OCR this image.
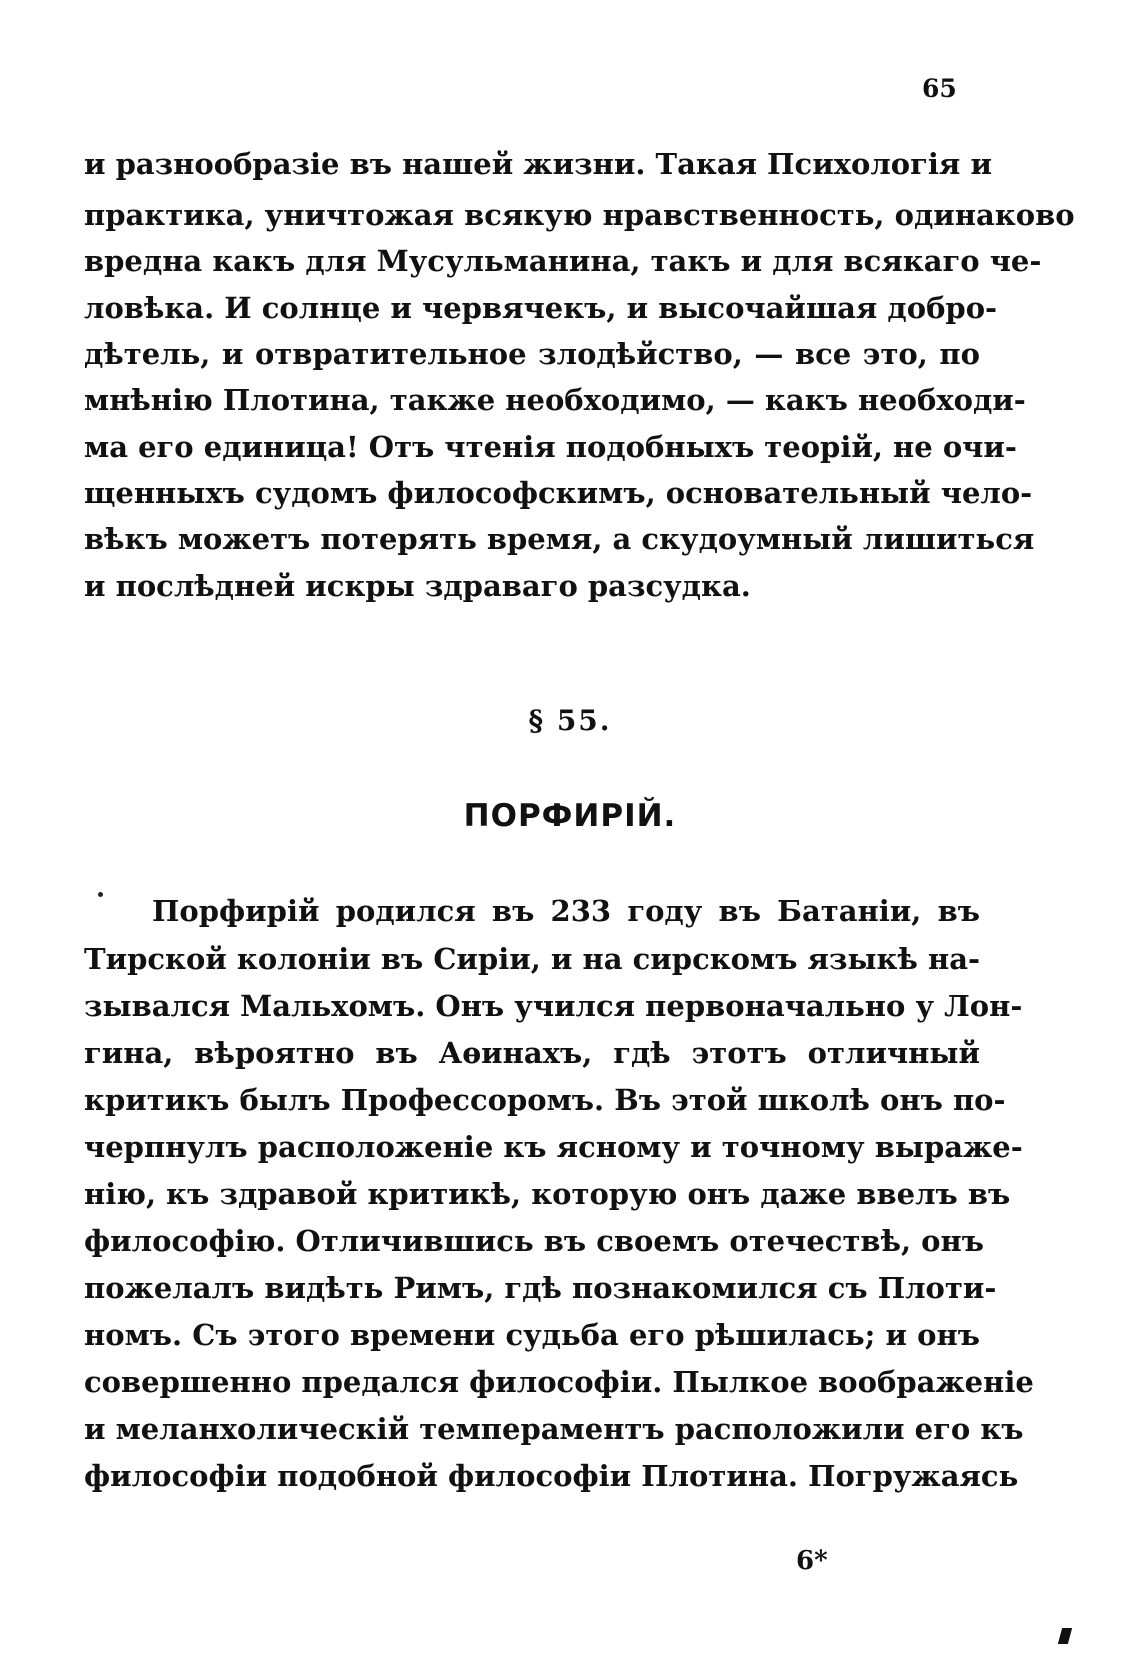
65
и разнообразіе въ нашей жизни. Такая Психологія и
практика, уничтожая всякую нравственность, одинаково
вредна какъ для Мусульманина, такъ и для всякаго че-
ловѣка. И солнце и червячекъ, и высочайшая добро-
дѣтель, и отвратительное злодѣйство, — все это, по
мнѣнію Плотина, также необходимо, — какъ необходи-
ма его единица! Отъ чтенія подобныхъ теорій, не очи-
щенныхъ судомъ философскимъ, основательный чело-
вѣкъ можетъ потерять время, а скудоумный лишиться
и послѣдней искры здраваго разсудка.
§ 55.
ПОРФИРІЙ.
Порфирій родился въ 233 году въ Батаніи, въ
Тирской колоніи въ Сиріи, и на сирскомъ языкѣ на-
зывался Мальхомъ. Онъ учился первоначально у Лон-
гина, вѣроятно въ Аѳинахъ, гдѣ этотъ отличный
критикъ былъ Профессоромъ. Въ этой школѣ онъ по-
черпнулъ расположеніе къ ясному и точному выраже-
нію, къ здравой критикѣ, которую онъ даже ввелъ въ
философію. Отличившись въ своемъ отечествѣ, онъ
пожелалъ видѣть Римъ, гдѣ познакомился съ Плоти-
номъ. Съ этого времени судьба его рѣшилась; и онъ
совершенно предался философіи. Пылкое воображеніе
и меланхолическій темпераментъ расположили его къ
философіи подобной философіи Плотина. Погружаясь
6*
